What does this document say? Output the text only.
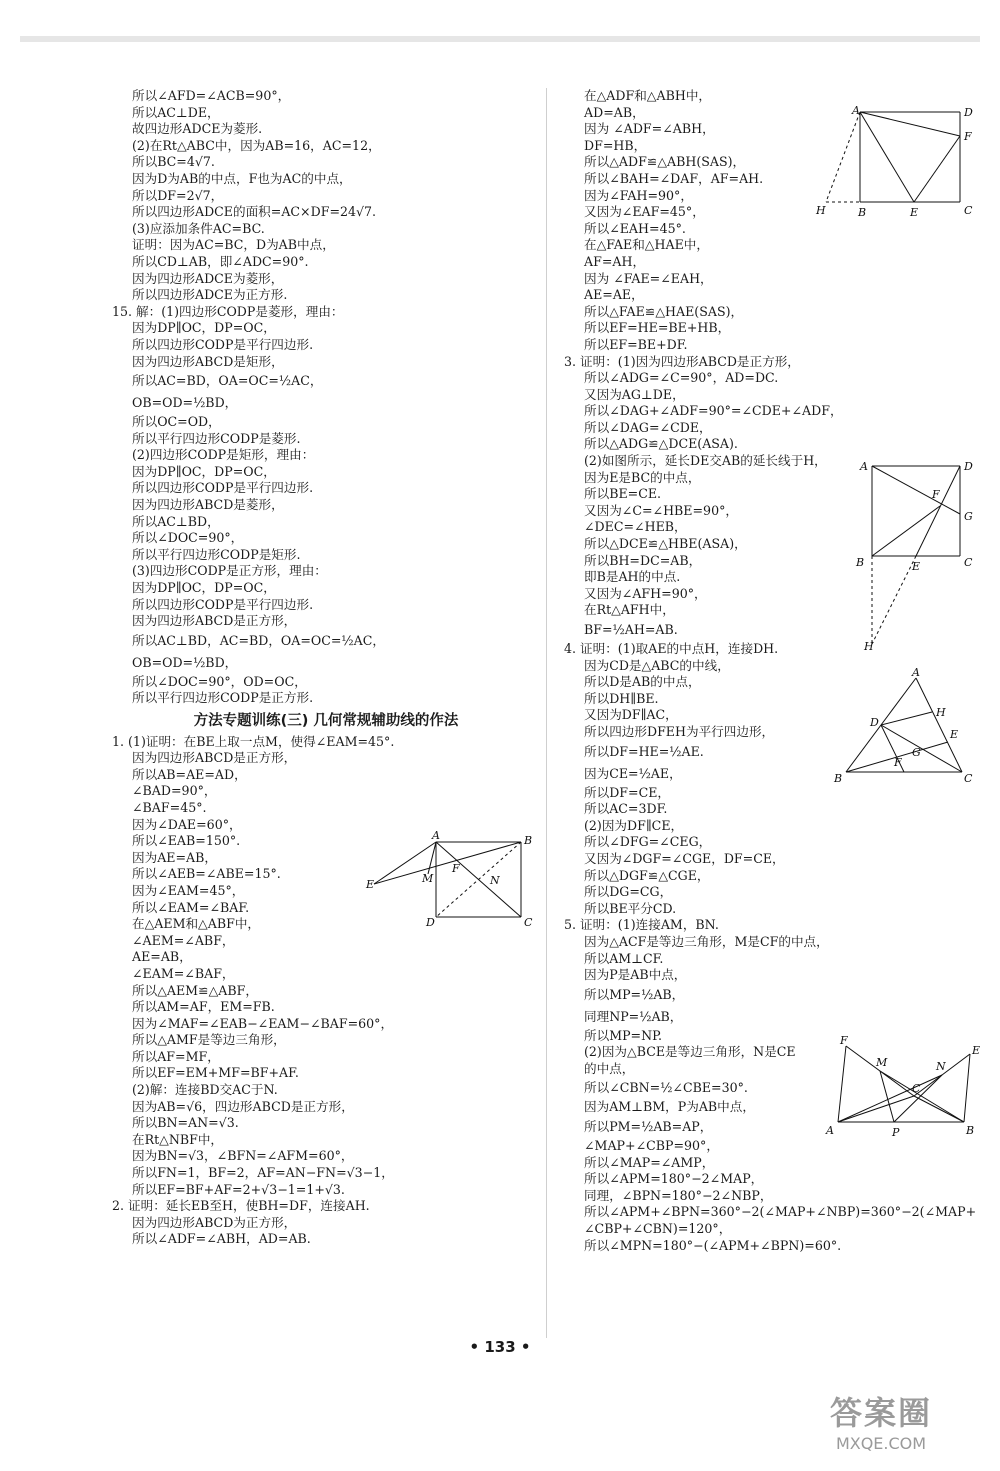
所以∠AFD=∠ACB=90°，
所以AC⊥DE，
故四边形ADCE为菱形.
(2)在Rt△ABC中，因为AB=16，AC=12，
所以BC=4√7.
因为D为AB的中点，F也为AC的中点，
所以DF=2√7，
所以四边形ADCE的面积=AC×DF=24√7.
(3)应添加条件AC=BC.
证明：因为AC=BC，D为AB中点，
所以CD⊥AB，即∠ADC=90°.
因为四边形ADCE为菱形，
所以四边形ADCE为正方形.
15. 解：(1)四边形CODP是菱形，理由：
因为DP∥OC，DP=OC，
所以四边形CODP是平行四边形.
因为四边形ABCD是矩形，
所以AC=BD，OA=OC=½AC，
OB=OD=½BD，
所以OC=OD，
所以平行四边形CODP是菱形.
(2)四边形CODP是矩形，理由：
因为DP∥OC，DP=OC，
所以四边形CODP是平行四边形.
因为四边形ABCD是菱形，
所以AC⊥BD，
所以∠DOC=90°，
所以平行四边形CODP是矩形.
(3)四边形CODP是正方形，理由：
因为DP∥OC，DP=OC，
所以四边形CODP是平行四边形.
因为四边形ABCD是正方形，
所以AC⊥BD，AC=BD，OA=OC=½AC，
OB=OD=½BD，
所以∠DOC=90°，OD=OC，
所以平行四边形CODP是正方形.
方法专题训练(三) 几何常规辅助线的作法
1. (1)证明：在BE上取一点M，使得∠EAM=45°.
因为四边形ABCD是正方形，
所以AB=AE=AD，
∠BAD=90°，
∠BAF=45°.
因为∠DAE=60°，
所以∠EAB=150°.
因为AE=AB，
所以∠AEB=∠ABE=15°.
因为∠EAM=45°，
所以∠EAM=∠BAF.
在△AEM和△ABF中，
∠AEM=∠ABF，
AE=AB，
∠EAM=∠BAF，
所以△AEM≌△ABF，
所以AM=AF，EM=FB.
因为∠MAF=∠EAB−∠EAM−∠BAF=60°，
所以△AMF是等边三角形，
所以AF=MF，
所以EF=EM+MF=BF+AF.
(2)解：连接BD交AC于N.
因为AB=√6，四边形ABCD是正方形，
所以BN=AN=√3.
在Rt△NBF中，
因为BN=√3，∠BFN=∠AFM=60°，
所以FN=1，BF=2，AF=AN−FN=√3−1，
所以EF=BF+AF=2+√3−1=1+√3.
2. 证明：延长EB至H，使BH=DF，连接AH.
因为四边形ABCD为正方形，
所以∠ADF=∠ABH，AD=AB.
在△ADF和△ABH中，
AD=AB，
因为 ∠ADF=∠ABH，
DF=HB，
所以△ADF≌△ABH(SAS)，
所以∠BAH=∠DAF，AF=AH.
因为∠FAH=90°，
又因为∠EAF=45°，
所以∠EAH=45°.
在△FAE和△HAE中，
AF=AH，
因为 ∠FAE=∠EAH，
AE=AE，
所以△FAE≌△HAE(SAS)，
所以EF=HE=BE+HB，
所以EF=BE+DF.
3. 证明：(1)因为四边形ABCD是正方形，
所以∠ADG=∠C=90°，AD=DC.
又因为AG⊥DE，
所以∠DAG+∠ADF=90°=∠CDE+∠ADF，
所以∠DAG=∠CDE，
所以△ADG≌△DCE(ASA).
(2)如图所示，延长DE交AB的延长线于H，
因为E是BC的中点，
所以BE=CE.
又因为∠C=∠HBE=90°，
∠DEC=∠HEB，
所以△DCE≌△HBE(ASA)，
所以BH=DC=AB，
即B是AH的中点.
又因为∠AFH=90°，
在Rt△AFH中，
BF=½AH=AB.
4. 证明：(1)取AE的中点H，连接DH.
因为CD是△ABC的中线，
所以D是AB的中点，
所以DH∥BE.
又因为DF∥AC，
所以四边形DFEH为平行四边形，
所以DF=HE=½AE.
因为CE=½AE，
所以DF=CE，
所以AC=3DF.
(2)因为DF∥CE，
所以∠DFG=∠CEG，
又因为∠DGF=∠CGE，DF=CE，
所以△DGF≌△CGE，
所以DG=CG，
所以BE平分CD.
5. 证明：(1)连接AM，BN.
因为△ACF是等边三角形，M是CF的中点，
所以AM⊥CF.
因为P是AB中点，
所以MP=½AB，
同理NP=½AB，
所以MP=NP.
(2)因为△BCE是等边三角形，N是CE
的中点，
所以∠CBN=½∠CBE=30°.
因为AM⊥BM，P为AB中点，
所以PM=½AB=AP，
∠MAP+∠CBP=90°，
所以∠MAP=∠AMP，
所以∠APM=180°−2∠MAP，
同理，∠BPN=180°−2∠NBP，
所以∠APM+∠BPN=360°−2(∠MAP+∠NBP)=360°−2(∠MAP+
∠CBP+∠CBN)=120°，
所以∠MPN=180°−(∠APM+∠BPN)=60°.
A	B
C
D
E	M
F
N
A	D
F
C
E
B
H
A	D
F
G
B	E	C
H
A
H
D
E
G
F
B	C
F
M	N
E
C
A	P	B
• 133 •
答案圈
MXQE.COM
